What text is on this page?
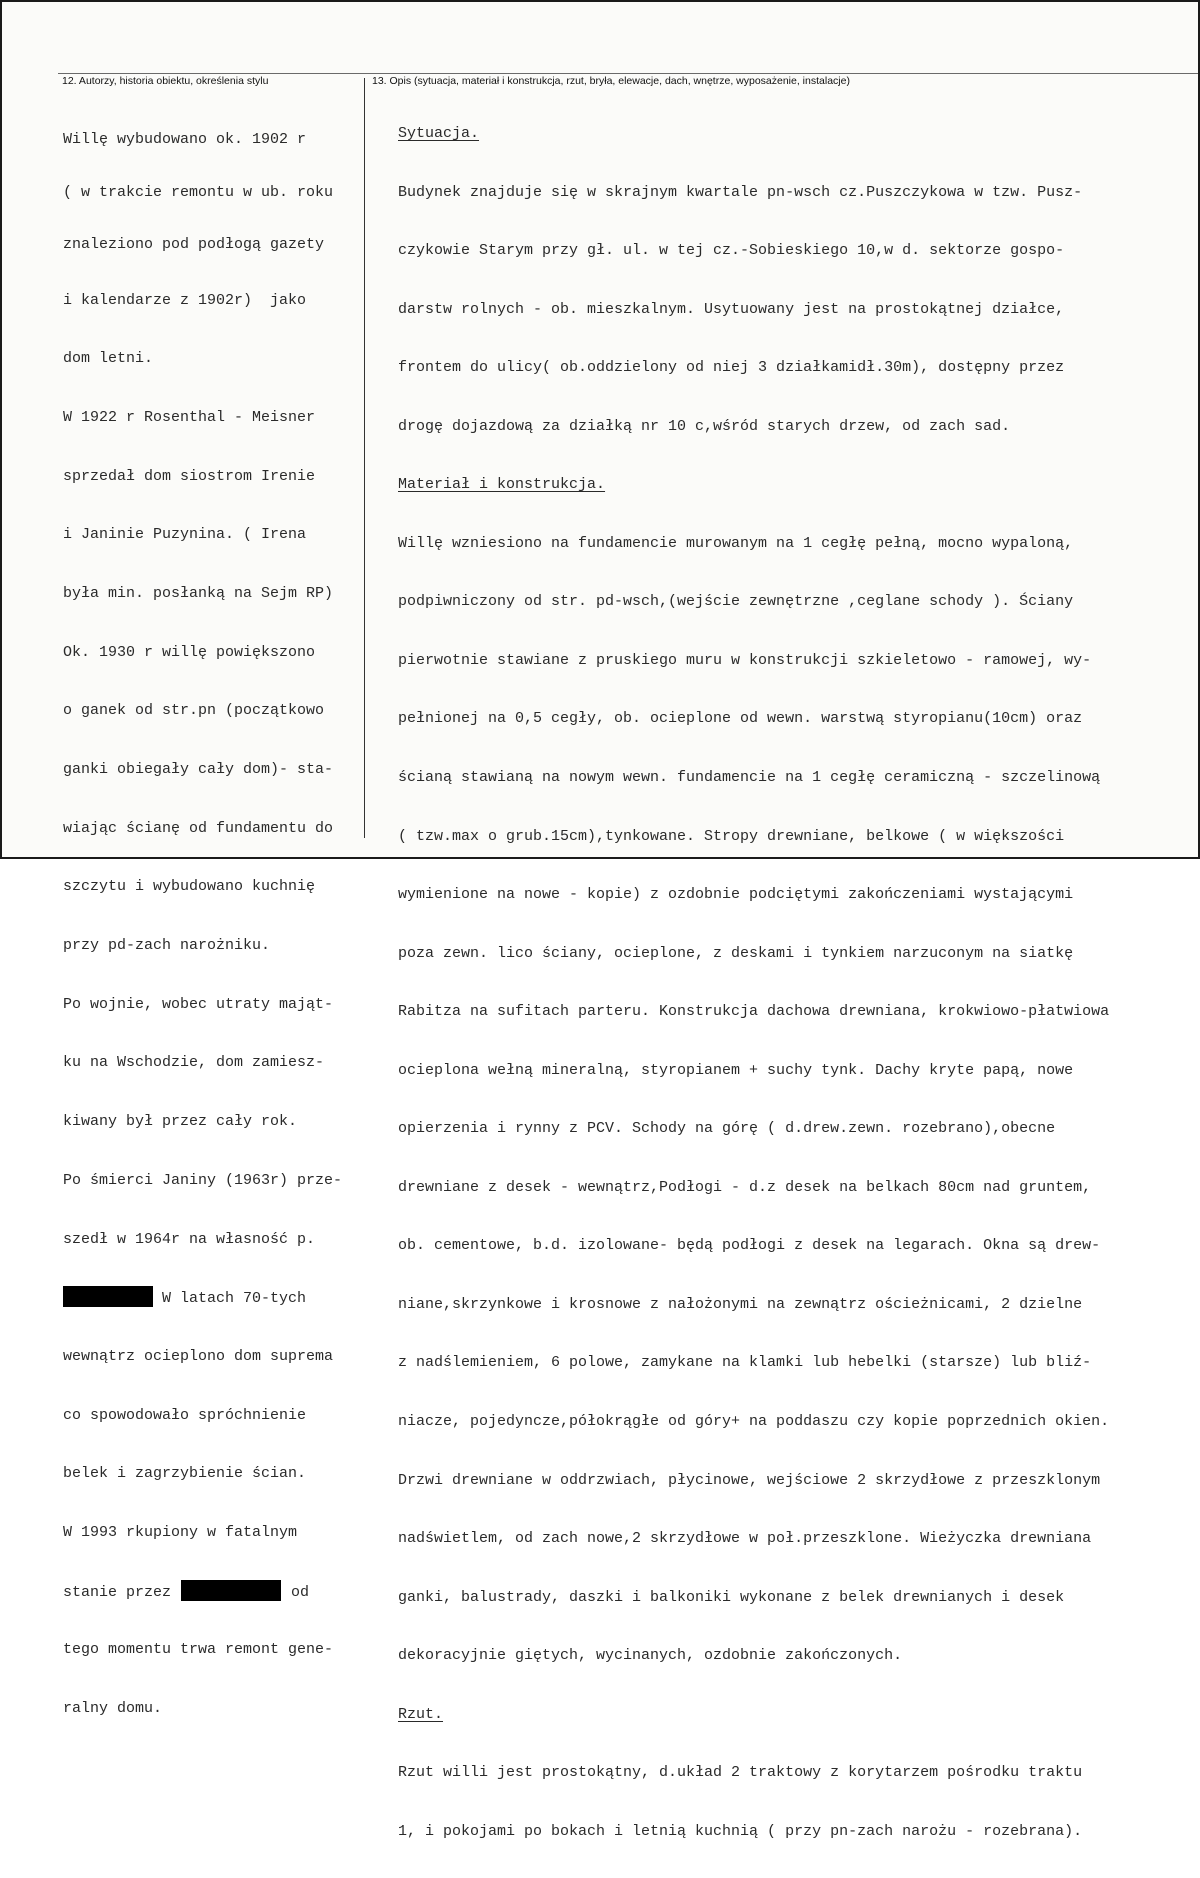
12. Autorzy, historia obiektu, określenia stylu	13. Opis (sytuacja, materiał i konstrukcja, rzut, bryła, elewacje, dach, wnętrze, wyposażenie, instalacje)

Willę wybudowano ok. 1902 r

( w trakcie remontu w ub. roku

znaleziono pod podłogą gazety

i kalendarze z 1902r)  jako

dom letni.

W 1922 r Rosenthal - Meisner

sprzedał dom siostrom Irenie

i Janinie Puzynina. ( Irena

była min. posłanką na Sejm RP)

Ok. 1930 r willę powiększono

o ganek od str.pn (początkowo

ganki obiegały cały dom)- sta-

wiając ścianę od fundamentu do

szczytu i wybudowano kuchnię

przy pd-zach narożniku.

Po wojnie, wobec utraty mająt-

ku na Wschodzie, dom zamiesz-

kiwany był przez cały rok.

Po śmierci Janiny (1963r) prze-

szedł w 1964r na własność p.

W latach 70-tych

wewnątrz ocieplono dom suprema

co spowodowało spróchnienie

belek i zagrzybienie ścian.

W 1993 rkupiony w fatalnym

stanie przez	od

tego momentu trwa remont gene-

ralny domu.

Sytuacja.

Budynek znajduje się w skrajnym kwartale pn-wsch cz.Puszczykowa w tzw. Pusz-

czykowie Starym przy gł. ul. w tej cz.-Sobieskiego 10,w d. sektorze gospo-

darstw rolnych - ob. mieszkalnym. Usytuowany jest na prostokątnej działce,

frontem do ulicy( ob.oddzielony od niej 3 działkamidł.30m), dostępny przez

drogę dojazdową za działką nr 10 c,wśród starych drzew, od zach sad.

Materiał i konstrukcja.

Willę wzniesiono na fundamencie murowanym na 1 cegłę pełną, mocno wypaloną,

podpiwniczony od str. pd-wsch,(wejście zewnętrzne ,ceglane schody ). Ściany

pierwotnie stawiane z pruskiego muru w konstrukcji szkieletowo - ramowej, wy-

pełnionej na 0,5 cegły, ob. ocieplone od wewn. warstwą styropianu(10cm) oraz

ścianą stawianą na nowym wewn. fundamencie na 1 cegłę ceramiczną - szczelinową

( tzw.max o grub.15cm),tynkowane. Stropy drewniane, belkowe ( w większości

wymienione na nowe - kopie) z ozdobnie podciętymi zakończeniami wystającymi

poza zewn. lico ściany, ocieplone, z deskami i tynkiem narzuconym na siatkę

Rabitza na sufitach parteru. Konstrukcja dachowa drewniana, krokwiowo-płatwiowa

ocieplona wełną mineralną, styropianem + suchy tynk. Dachy kryte papą, nowe

opierzenia i rynny z PCV. Schody na górę ( d.drew.zewn. rozebrano),obecne

drewniane z desek - wewnątrz,Podłogi - d.z desek na belkach 80cm nad gruntem,

ob. cementowe, b.d. izolowane- będą podłogi z desek na legarach. Okna są drew-

niane,skrzynkowe i krosnowe z nałożonymi na zewnątrz ościeżnicami, 2 dzielne

z nadślemieniem, 6 polowe, zamykane na klamki lub hebelki (starsze) lub bliź-

niacze, pojedyncze,półokrągłe od góry+ na poddaszu czy kopie poprzednich okien.

Drzwi drewniane w oddrzwiach, płycinowe, wejściowe 2 skrzydłowe z przeszklonym

nadświetlem, od zach nowe,2 skrzydłowe w poł.przeszklone. Wieżyczka drewniana

ganki, balustrady, daszki i balkoniki wykonane z belek drewnianych i desek

dekoracyjnie giętych, wycinanych, ozdobnie zakończonych.

Rzut.

Rzut willi jest prostokątny, d.układ 2 traktowy z korytarzem pośrodku traktu

1, i pokojami po bokach i letnią kuchnią ( przy pn-zach narożu - rozebrana).
